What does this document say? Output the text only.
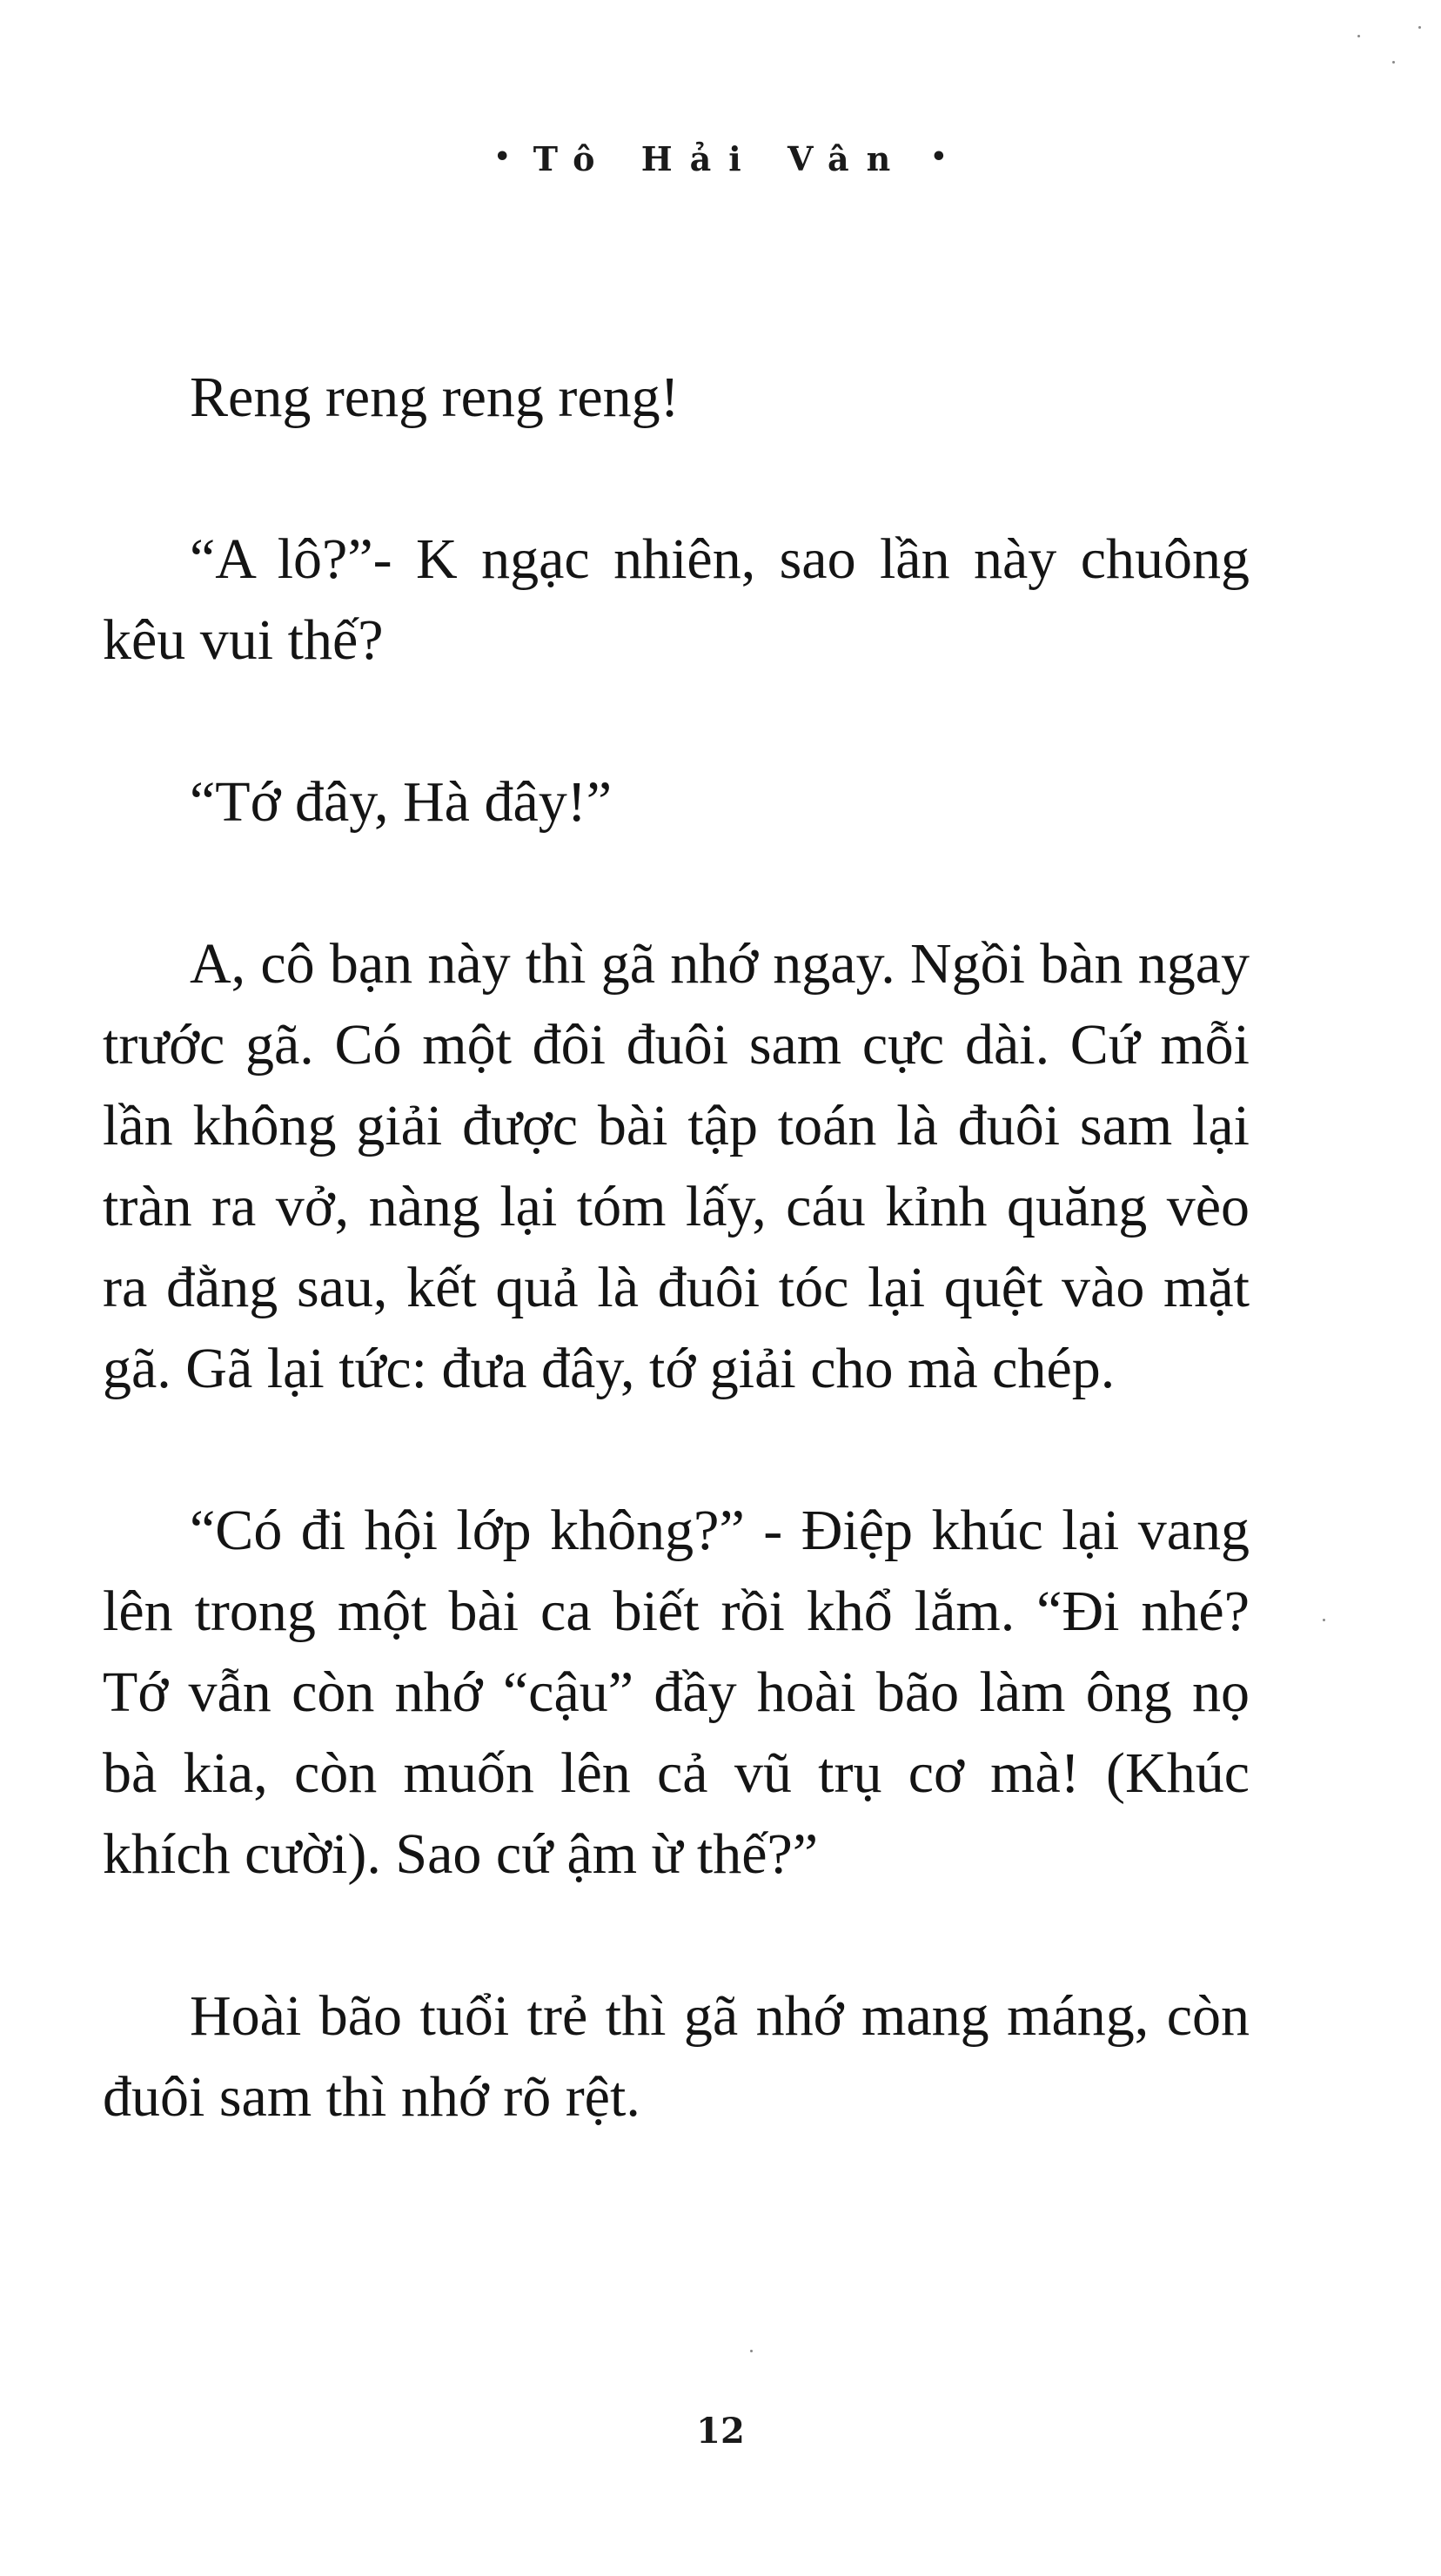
• Tô Hải Vân •

Reng reng reng reng!

“A lô?”- K ngạc nhiên, sao lần này chuông kêu vui thế?

“Tớ đây, Hà đây!”

A, cô bạn này thì gã nhớ ngay. Ngồi bàn ngay trước gã. Có một đôi đuôi sam cực dài. Cứ mỗi lần không giải được bài tập toán là đuôi sam lại tràn ra vở, nàng lại tóm lấy, cáu kỉnh quăng vèo ra đằng sau, kết quả là đuôi tóc lại quệt vào mặt gã. Gã lại tức: đưa đây, tớ giải cho mà chép.

“Có đi hội lớp không?” - Điệp khúc lại vang lên trong một bài ca biết rồi khổ lắm. “Đi nhé? Tớ vẫn còn nhớ “cậu” đầy hoài bão làm ông nọ bà kia, còn muốn lên cả vũ trụ cơ mà! (Khúc khích cười). Sao cứ ậm ừ thế?”

Hoài bão tuổi trẻ thì gã nhớ mang máng, còn đuôi sam thì nhớ rõ rệt.

12
